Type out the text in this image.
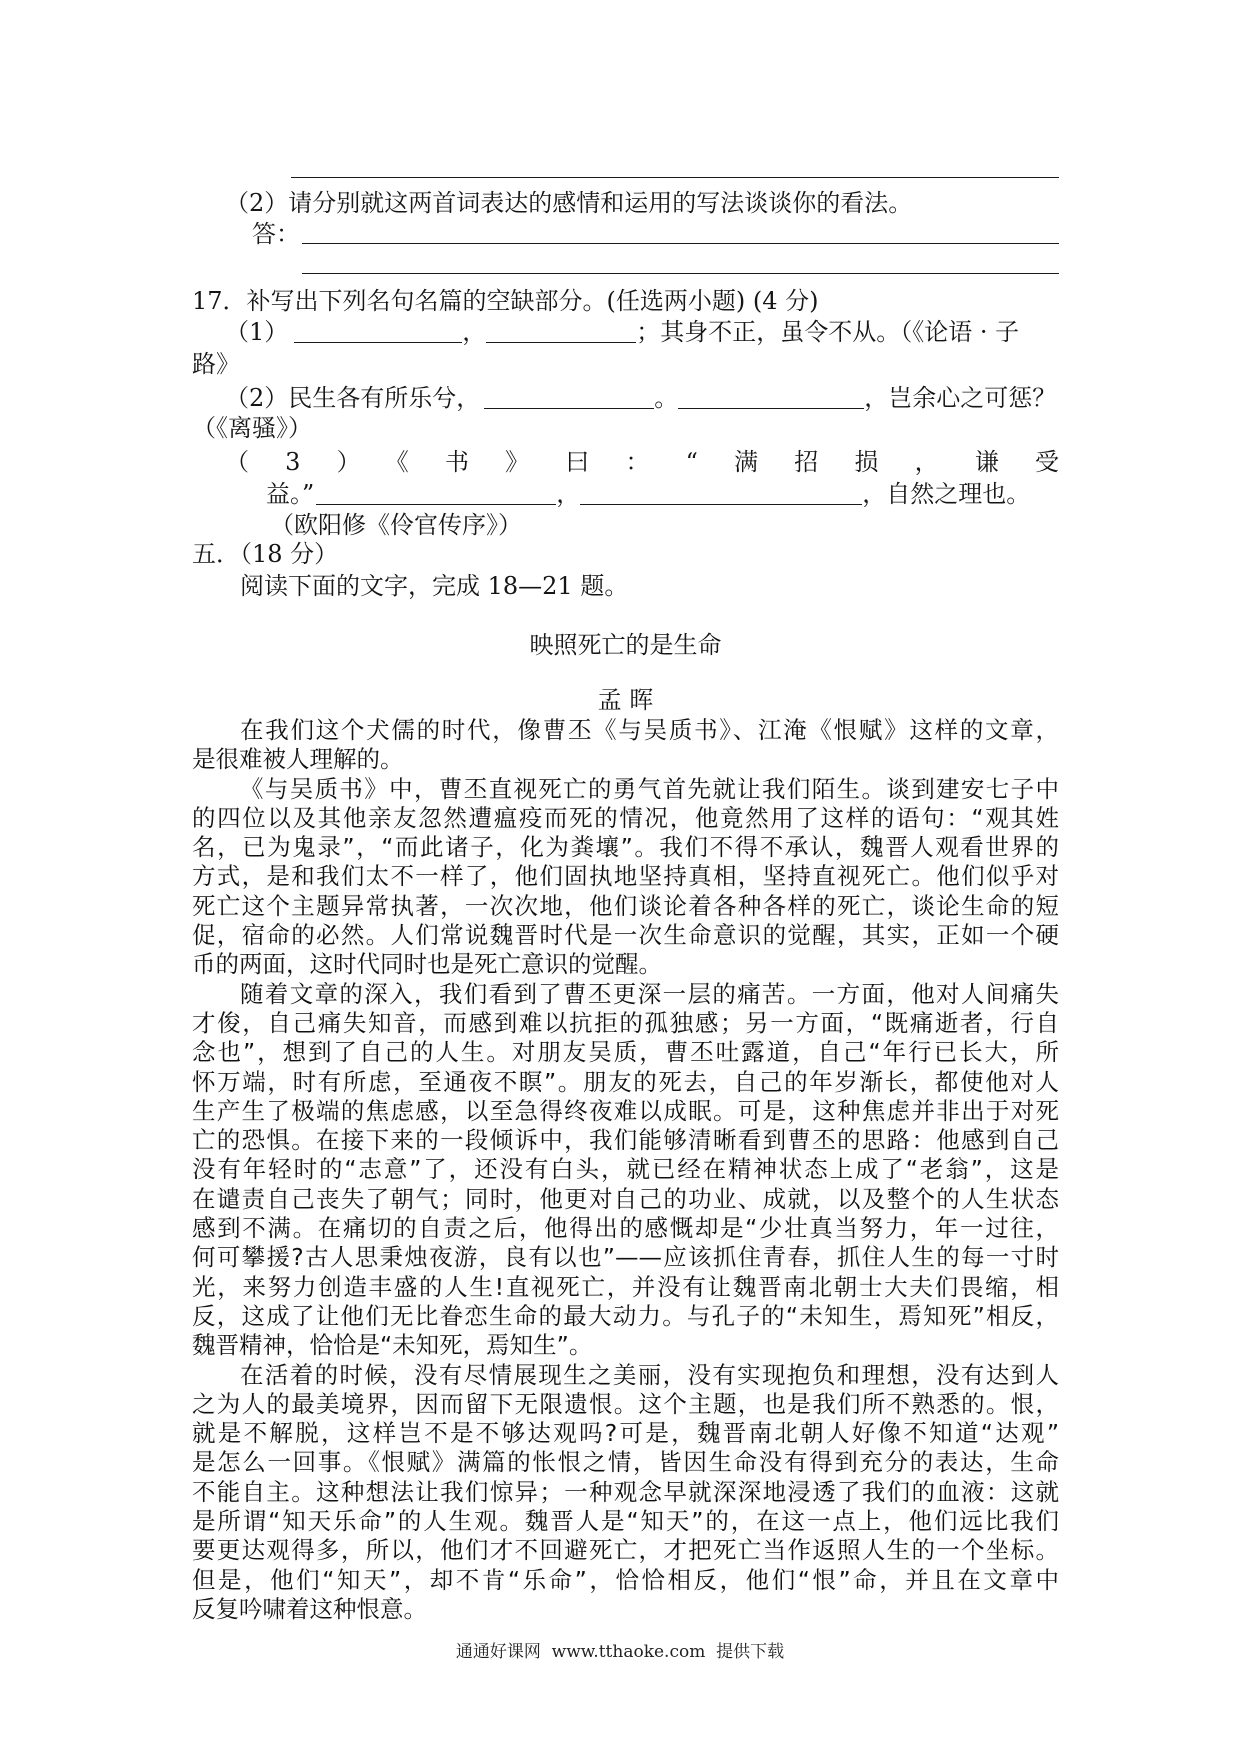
（2）请分别就这两首词表达的感情和运用的写法谈谈你的看法。
答：
17．补写出下列名句名篇的空缺部分。(任选两小题) (4 分)
（1）	，	；其身不正，虽令不从。（《论语 · 子
路》
（2）民生各有所乐兮，	。	，岂余心之可惩？
（《离骚》）
（3）《书》曰：“满招损，谦受
益。”	，	，自然之理也。
（欧阳修《伶官传序》）
五．（18 分）
阅读下面的文字，完成 18—21 题。
映照死亡的是生命
孟 晖
在我们这个犬儒的时代，像曹丕《与吴质书》、江淹《恨赋》这样的文章，
是很难被人理解的。
《与吴质书》中，曹丕直视死亡的勇气首先就让我们陌生。谈到建安七子中
的四位以及其他亲友忽然遭瘟疫而死的情况，他竟然用了这样的语句：“观其姓
名，已为鬼录”，“而此诸子，化为粪壤”。我们不得不承认，魏晋人观看世界的
方式，是和我们太不一样了，他们固执地坚持真相，坚持直视死亡。他们似乎对
死亡这个主题异常执著，一次次地，他们谈论着各种各样的死亡，谈论生命的短
促，宿命的必然。人们常说魏晋时代是一次生命意识的觉醒，其实，正如一个硬
币的两面，这时代同时也是死亡意识的觉醒。
随着文章的深入，我们看到了曹丕更深一层的痛苦。一方面，他对人间痛失
才俊，自己痛失知音，而感到难以抗拒的孤独感；另一方面，“既痛逝者，行自
念也”，想到了自己的人生。对朋友吴质，曹丕吐露道，自己“年行已长大，所
怀万端，时有所虑，至通夜不瞑”。朋友的死去，自己的年岁渐长，都使他对人
生产生了极端的焦虑感，以至急得终夜难以成眠。可是，这种焦虑并非出于对死
亡的恐惧。在接下来的一段倾诉中，我们能够清晰看到曹丕的思路：他感到自己
没有年轻时的“志意”了，还没有白头，就已经在精神状态上成了“老翁”，这是
在谴责自己丧失了朝气；同时，他更对自己的功业、成就，以及整个的人生状态
感到不满。在痛切的自责之后，他得出的感慨却是“少壮真当努力，年一过往，
何可攀援?古人思秉烛夜游，良有以也”——应该抓住青春，抓住人生的每一寸时
光，来努力创造丰盛的人生!直视死亡，并没有让魏晋南北朝士大夫们畏缩，相
反，这成了让他们无比眷恋生命的最大动力。与孔子的“未知生，焉知死”相反，
魏晋精神，恰恰是“未知死，焉知生”。
在活着的时候，没有尽情展现生之美丽，没有实现抱负和理想，没有达到人
之为人的最美境界，因而留下无限遗恨。这个主题，也是我们所不熟悉的。恨，
就是不解脱，这样岂不是不够达观吗?可是，魏晋南北朝人好像不知道“达观”
是怎么一回事。《恨赋》满篇的怅恨之情，皆因生命没有得到充分的表达，生命
不能自主。这种想法让我们惊异；一种观念早就深深地浸透了我们的血液：这就
是所谓“知天乐命”的人生观。魏晋人是“知天”的，在这一点上，他们远比我们
要更达观得多，所以，他们才不回避死亡，才把死亡当作返照人生的一个坐标。
但是，他们“知天”，却不肯“乐命”，恰恰相反，他们“恨”命，并且在文章中
反复吟啸着这种恨意。
通通好课网  www.tthaoke.com  提供下载
